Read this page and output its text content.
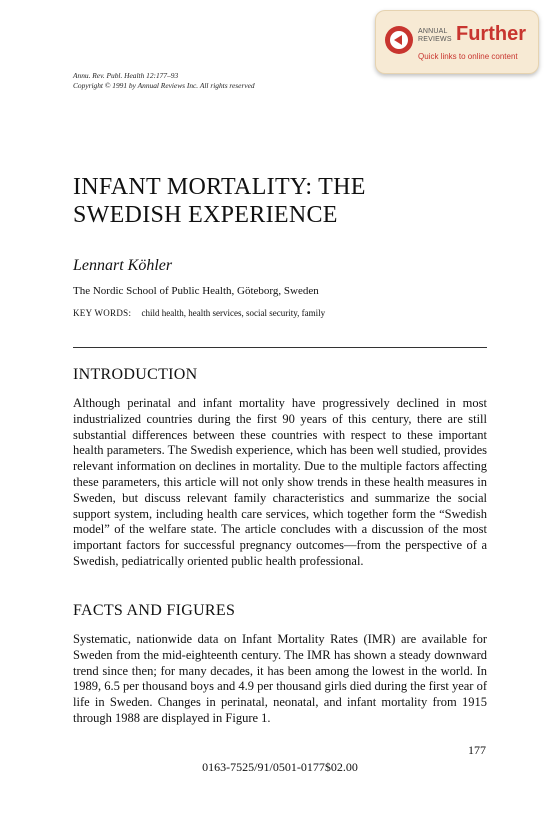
ANNUAL
REVIEWS Further
Quick links to online content
Annu. Rev. Publ. Health 12:177–93
Copyright © 1991 by Annual Reviews Inc. All rights reserved
INFANT MORTALITY: THE
SWEDISH EXPERIENCE
Lennart Köhler
The Nordic School of Public Health, Göteborg, Sweden
KEY WORDS: child health, health services, social security, family
INTRODUCTION

Although perinatal and infant mortality have progressively declined in most industrialized countries during the first 90 years of this century, there are still substantial differences between these countries with respect to these important health parameters. The Swedish experience, which has been well studied, provides relevant information on declines in mortality. Due to the multiple factors affecting these parameters, this article will not only show trends in these health measures in Sweden, but discuss relevant family characteristics and summarize the social support system, including health care services, which together form the “Swedish model” of the welfare state. The article concludes with a discussion of the most important factors for successful pregnancy outcomes—from the perspective of a Swedish, pediatrically oriented public health professional.

FACTS AND FIGURES

Systematic, nationwide data on Infant Mortality Rates (IMR) are available for Sweden from the mid-eighteenth century. The IMR has shown a steady downward trend since then; for many decades, it has been among the lowest in the world. In 1989, 6.5 per thousand boys and 4.9 per thousand girls died during the first year of life in Sweden. Changes in perinatal, neonatal, and infant mortality from 1915 through 1988 are displayed in Figure 1.

177
0163-7525/91/0501-0177$02.00
